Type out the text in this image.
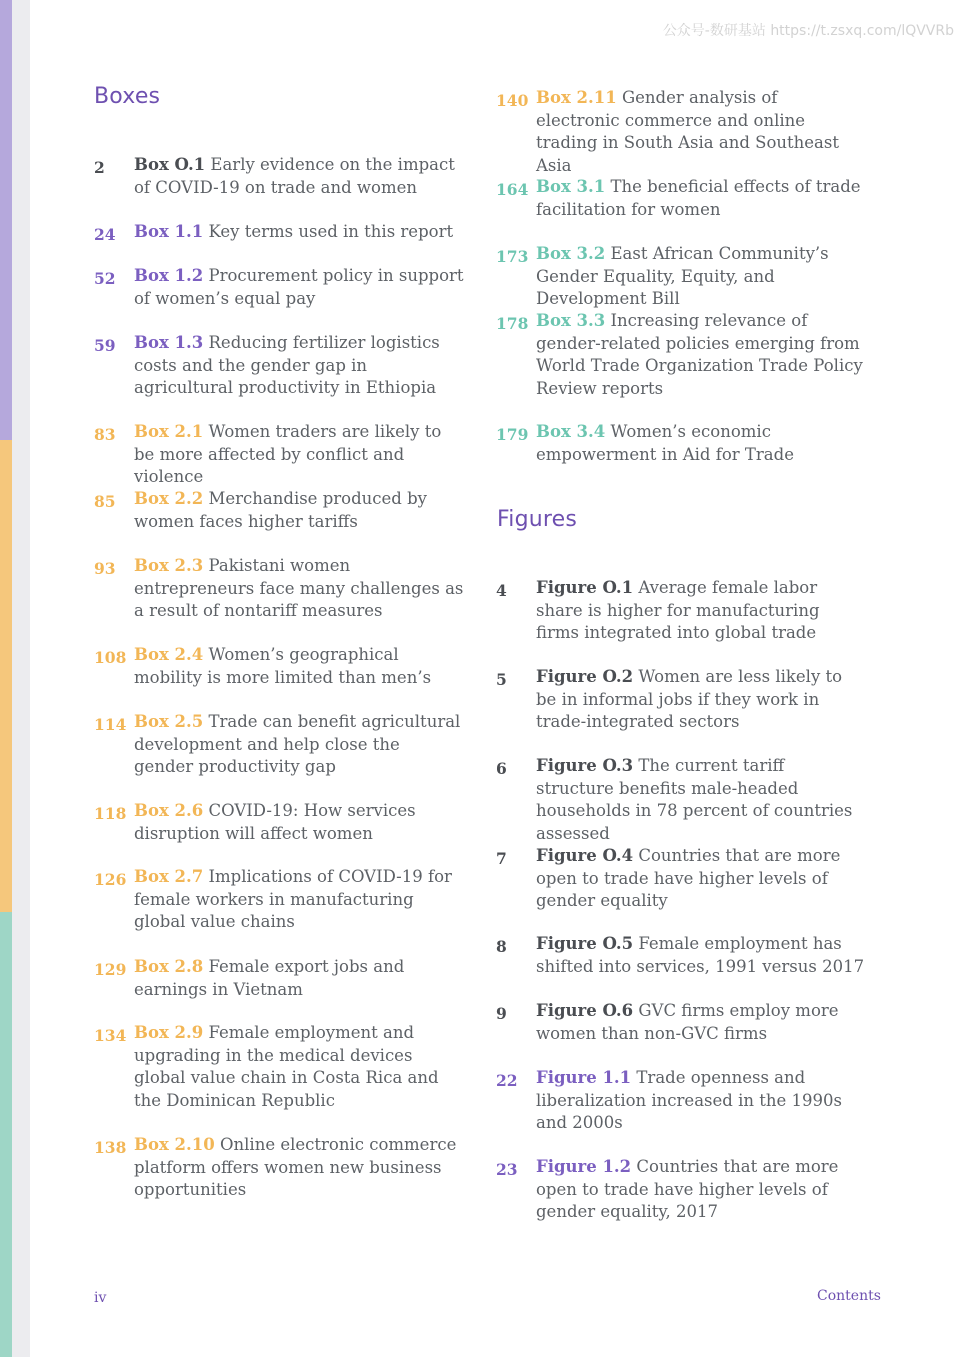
公众号-数研基站 https://t.zsxq.com/lQVVRb
Boxes
Figures
2 Box O.1 Early evidence on the impact of COVID-19 on trade and women
24 Box 1.1 Key terms used in this report
52 Box 1.2 Procurement policy in support of women’s equal pay
59 Box 1.3 Reducing fertilizer logistics costs and the gender gap in agricultural productivity in Ethiopia
83 Box 2.1 Women traders are likely to be more affected by conflict and violence
85 Box 2.2 Merchandise produced by women faces higher tariffs
93 Box 2.3 Pakistani women entrepreneurs face many challenges as a result of nontariff measures
108 Box 2.4 Women’s geographical mobility is more limited than men’s
114 Box 2.5 Trade can benefit agricultural development and help close the gender productivity gap
118 Box 2.6 COVID-19: How services disruption will affect women
126 Box 2.7 Implications of COVID-19 for female workers in manufacturing global value chains
129 Box 2.8 Female export jobs and earnings in Vietnam
134 Box 2.9 Female employment and upgrading in the medical devices global value chain in Costa Rica and the Dominican Republic
138 Box 2.10 Online electronic commerce platform offers women new business opportunities
140 Box 2.11 Gender analysis of electronic commerce and online trading in South Asia and Southeast Asia
164 Box 3.1 The beneficial effects of trade facilitation for women
173 Box 3.2 East African Community’s Gender Equality, Equity, and Development Bill
178 Box 3.3 Increasing relevance of gender-related policies emerging from World Trade Organization Trade Policy Review reports
179 Box 3.4 Women’s economic empowerment in Aid for Trade
4 Figure O.1 Average female labor share is higher for manufacturing firms integrated into global trade
5 Figure O.2 Women are less likely to be in informal jobs if they work in trade-integrated sectors
6 Figure O.3 The current tariff structure benefits male-headed households in 78 percent of countries assessed
7 Figure O.4 Countries that are more open to trade have higher levels of gender equality
8 Figure O.5 Female employment has shifted into services, 1991 versus 2017
9 Figure O.6 GVC firms employ more women than non-GVC firms
22 Figure 1.1 Trade openness and liberalization increased in the 1990s and 2000s
23 Figure 1.2 Countries that are more open to trade have higher levels of gender equality, 2017
iv	Contents
